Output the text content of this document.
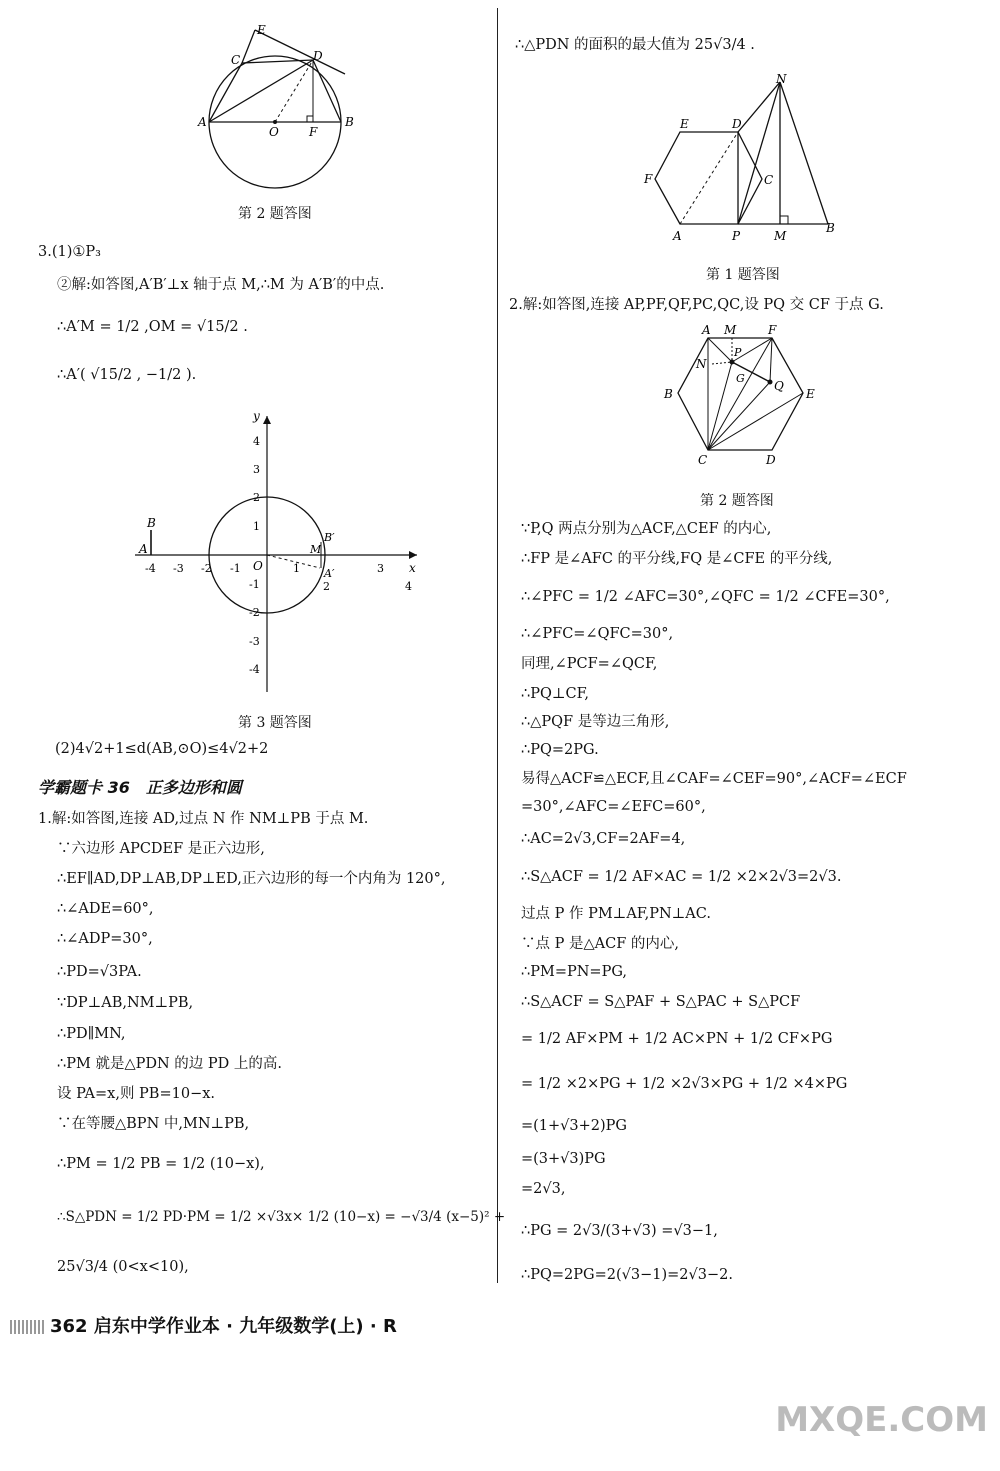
E
C	D
A
O	F
B
第 2 题答图
3.(1)①P₃
②解:如答图,A′B′⊥x 轴于点 M,∴M 为 A′B′的中点.
∴A′M = 1/2 ,OM = √15/2 .
∴A′( √15/2 , −1/2 ).
x
y
O
B
A	M
B′
A′
-4 -3 -2 -1	1
2
3
4
4
3
2
1
-1
-2
-3
-4
第 3 题答图
(2)4√2+1≤d(AB,⊙O)≤4√2+2
学霸题卡 36　正多边形和圆
1.解:如答图,连接 AD,过点 N 作 NM⊥PB 于点 M.
∵六边形 APCDEF 是正六边形,
∴EF∥AD,DP⊥AB,DP⊥ED,正六边形的每一个内角为 120°,
∴∠ADE=60°,
∴∠ADP=30°,
∴PD=√3PA.
∵DP⊥AB,NM⊥PB,
∴PD∥MN,
∴PM 就是△PDN 的边 PD 上的高.
设 PA=x,则 PB=10−x.
∵在等腰△BPN 中,MN⊥PB,
∴PM = 1/2 PB = 1/2 (10−x),
∴S△PDN = 1/2 PD·PM = 1/2 ×√3x× 1/2 (10−x) = −√3/4 (x−5)² +
25√3/4 (0<x<10),
∴△PDN 的面积的最大值为 25√3/4 .
N
E	D
F	C
A	P	M
B
第 1 题答图
2.解:如答图,连接 AP,PF,QF,PC,QC,设 PQ 交 CF 于点 G.
A M	F
N
P
G
Q
B	E
C	D
第 2 题答图
∵P,Q 两点分别为△ACF,△CEF 的内心,
∴FP 是∠AFC 的平分线,FQ 是∠CFE 的平分线,
∴∠PFC = 1/2 ∠AFC=30°,∠QFC = 1/2 ∠CFE=30°,
∴∠PFC=∠QFC=30°,
同理,∠PCF=∠QCF,
∴PQ⊥CF,
∴△PQF 是等边三角形,
∴PQ=2PG.
易得△ACF≌△ECF,且∠CAF=∠CEF=90°,∠ACF=∠ECF
=30°,∠AFC=∠EFC=60°,
∴AC=2√3,CF=2AF=4,
∴S△ACF = 1/2 AF×AC = 1/2 ×2×2√3=2√3.
过点 P 作 PM⊥AF,PN⊥AC.
∵点 P 是△ACF 的内心,
∴PM=PN=PG,
∴S△ACF = S△PAF + S△PAC + S△PCF
= 1/2 AF×PM + 1/2 AC×PN + 1/2 CF×PG
= 1/2 ×2×PG + 1/2 ×2√3×PG + 1/2 ×4×PG
=(1+√3+2)PG
=(3+√3)PG
=2√3,
∴PG = 2√3/(3+√3) =√3−1,
∴PQ=2PG=2(√3−1)=2√3−2.
362 启东中学作业本 · 九年级数学(上) · R
MXQE.COM
